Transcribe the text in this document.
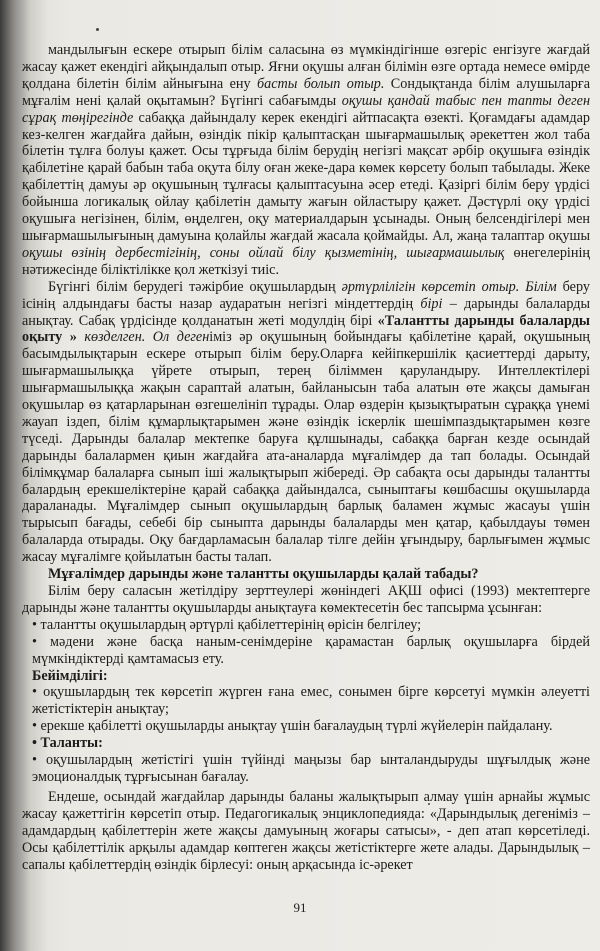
мандылығын ескере отырып білім саласына өз мүмкіндігінше өзгеріс енгізуге жағдай жасау қажет екендігі айқындалып отыр. Яғни оқушы алған білімін өзге ортада немесе өмірде қолдана білетін білім айнығына ену басты болып отыр. Сондықтанда білім алушыларға мұғалім нені қалай оқытамын? Бүгінгі сабағымды оқушы қандай табыс пен тапты деген сұрақ төңірегінде сабаққа дайындалу керек екендігі айтпасақта өзекті. Қоғамдағы адамдар кез-келген жағдайға дайын, өзіндік пікір қалыптасқан шығармашылық әрекеттен жол таба білетін тұлға болуы қажет. Осы тұрғыда білім берудің негізгі мақсат әрбір оқушыға өзіндік қабілетіне қарай бабын таба оқута білу оған жеке-дара көмек көрсету болып табылады. Жеке қабілеттің дамуы әр оқушының тұлғасы қалыптасуына әсер етеді. Қазіргі білім беру үрдісі бойынша логикалық ойлау қабілетін дамыту жағын ойластыру қажет. Дәстүрлі оқу үрдісі оқушыға негізінен, білім, өңделген, оқу материалдарын ұсынады. Оның белсендігілері мен шығармашылығының дамуына қолайлы жағдай жасала қоймайды. Ал, жаңа талаптар оқушы оқушы өзінің дербестігінің, соны ойлай білу қызметінің, шығармашылық өнегелерінің нәтижесінде біліктілікке қол жеткізуі тиіс.

Бүгінгі білім берудегі тәжірбие оқушылардың әртүрлілігін көрсетіп отыр. Білім беру ісінің алдындағы басты назар аударатын негізгі міндеттердің бірі – дарынды балаларды анықтау. Сабақ үрдісінде қолданатын жеті модулдің бірі «Талантты дарынды балаларды оқыту » көзделген. Ол дегеніміз әр оқушының бойындағы қабілетіне қарай, оқушының басымдылықтарын ескере отырып білім беру.Оларға кейіпкершілік қасиеттерді дарыту, шығармашылыққа үйрете отырып, терең біліммен қаруландыру. Интеллектілері шығармашылыққа жақын сараптай алатын, байланысын таба алатын өте жақсы дамыған оқушылар өз қатарларынан өзгешелініп тұрады. Олар өздерін қызықтыратын сұраққа үнемі жауап іздеп, білім құмарлықтарымен және өзіндік іскерлік шешімпаздықтарымен көзге түседі. Дарынды балалар мектепке баруға құлшынады, сабаққа барған кезде осындай дарынды балалармен қиын жағдайға ата-аналарда мұғалімдер да тап болады. Осындай білімқұмар балаларға сынып іші жалықтырып жібереді. Әр сабақта осы дарынды талантты балардың ерекшеліктеріне қарай сабаққа дайындалса, сыныптағы көшбасшы оқушыларда дараланады. Мұғалімдер сынып оқушылардың барлық баламен жұмыс жасауы үшін тырысып бағады, себебі бір сыныпта дарынды балаларды мен қатар, қабылдауы төмен балаларда отырады. Оқу бағдарламасын балалар тілге дейін ұғындыру, барлығымен жұмыс жасау мұғалімге қойылатын басты талап.

Мұғалімдер дарынды және талантты оқушыларды қалай табады?

Білім беру саласын жетілдіру зерттеулері жөніндегі АҚШ офисі (1993) мектептерге дарынды және талантты оқушыларды анықтауға көмектесетін бес тапсырма ұсынған:

• талантты оқушылардың әртүрлі қабілеттерінің өрісін белгілеу;

• мәдени және басқа наным-сенімдеріне қарамастан барлық оқушыларға бірдей мүмкіндіктерді қамтамасыз ету.

Бейімділігі:

• оқушылардың тек көрсетіп жүрген ғана емес, сонымен бірге көрсетуі мүмкін әлеуетті жетістіктерін анықтау;

• ерекше қабілетті оқушыларды анықтау үшін бағалаудың түрлі жүйелерін пайдалану.

• Таланты:

• оқушылардың жетістігі үшін түйінді маңызы бар ынталандыруды шұғылдық және эмоционалдық тұрғысынан бағалау.

Ендеше, осындай жағдайлар дарынды баланы жалықтырып алмау үшін арнайы жұмыс жасау қажеттігін көрсетіп отыр. Педагогикалық энциклопедияда: «Дарындылық дегеніміз – адамдардың қабілеттерін жете жақсы дамуының жоғары сатысы», - деп атап көрсетіледі. Осы қабілеттілік арқылы адамдар көптеген жақсы жетістіктерге жете алады. Дарындылық – сапалы қабілеттердің өзіндік бірлесуі: оның арқасында іс-әрекет

91
